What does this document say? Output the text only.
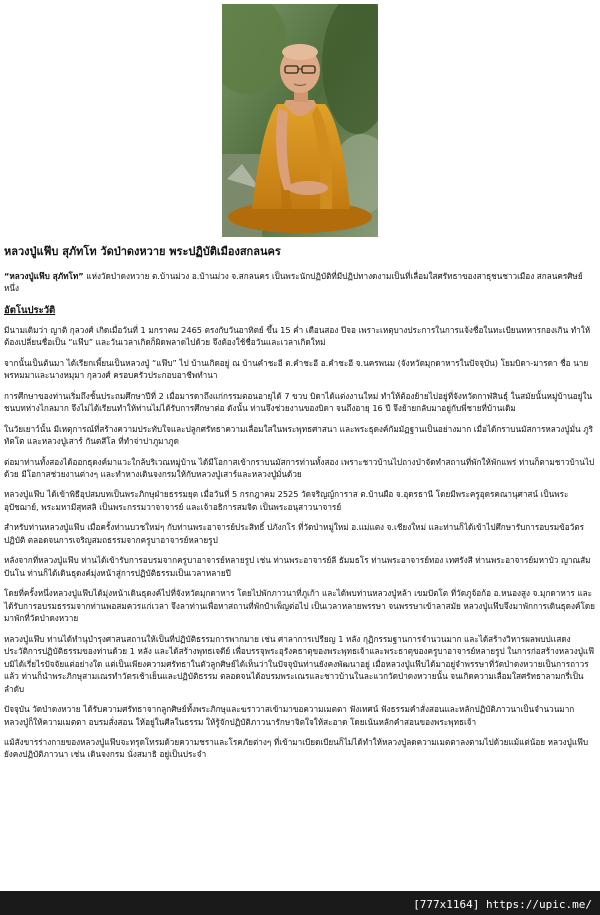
หลวงปู่แฟ๊บ สุภัทโท วัดป่าดงหวาย พระปฏิบัติเมืองสกลนคร

“หลวงปู่แฟ๊บ สุภัทโท” แห่งวัดป่าดงหวาย ต.บ้านม่วง อ.บ้านม่วง จ.สกลนคร เป็นพระนักปฏิบัติที่มีปฏิปทางดงามเป็นที่เลื่อมใสศรัทธาของสาธุชนชาวเมือง สกลนครศิษย์หนึ่ง

อัตโนประวัติ

มีนามเดิมว่า ญาติ กุลวงศ์ เกิดเมื่อวันที่ 1 มกราคม 2465 ตรงกับวันอาทิตย์ ขึ้น 15 ค่ำ เดือนสอง ปีจอ เพราะเหตุบางประการในการแจ้งชื่อในทะเบียนทหารกองเกิน ทำให้ต้องเปลี่ยนชื่อเป็น “แฟ๊บ” และวันเวลาเกิดก็ผิดพลาดไปด้วย จึงต้องใช้ชื่อวันและเวลาเกิดใหม่

จากนั้นเป็นต้นมา ได้เรียกเพี้ยนเป็นหลวงปู่ “แฟ๊บ” ไป บ้านเกิดอยู่ ณ บ้านคำชะอี ต.คำชะอี อ.คำชะอี จ.นครพนม (จังหวัดมุกดาหารในปัจจุบัน) โยมบิดา-มารดา ชื่อ นายพรหมมาและนางหมุมา กุลวงศ์ ครอบครัวประกอบอาชีพทำนา

การศึกษาของท่านเริ่มถึงชั้นประถมศึกษาปีที่ 2 เมื่อมารดาถึงแก่กรรมตอนอายุได้ 7 ขวบ บิดาได้แต่งงานใหม่ ทำให้ต้องย้ายไปอยู่ที่จังหวัดกาฬสินธุ์ ในสมัยนั้นหมู่บ้านอยู่ในชนบทห่างไกลมาก จึงไม่ได้เรียนทำให้ท่านไม่ได้รับการศึกษาต่อ ดังนั้น ท่านจึงช่วยงานของบิดา จนถึงอายุ 16 ปี จึงย้ายกลับมาอยู่กับพี่ชายที่บ้านเดิม

ในวัยเยาว์นั้น มีเหตุการณ์ที่สร้างความประทับใจและปลูกศรัทธาความเลื่อมใสในพระพุทธศาสนา และพระธุดงค์กัมมัฏฐานเป็นอย่างมาก เมื่อได้กราบนมัสการหลวงปู่มั่น ภูริทัตโต และหลวงปู่เสาร์ กันตสีโล ที่ทำจ่าปาภูมาภูด

ต่อมาท่านทั้งสองได้ออกธุดงค์มาแวะใกล้บริเวณหมู่บ้าน ได้มีโอกาสเข้ากราบนมัสการท่านทั้งสอง เพราะชาวบ้านไปถางป่าจัดทำสถานที่พักให้พักแพร่ ท่านก็ตามชาวบ้านไปด้วย มีโอกาสช่วยงานต่างๆ และทำหางเดินจงกรมให้กับหลวงปู่เสาร์และหลวงปู่มั่นด้วย

หลวงปู่แฟ๊บ ได้เข้าพิธีอุปสมบทเป็นพระภิกษุฝ่ายธรรมยุต เมื่อวันที่ 5 กรกฎาคม 2525 วัดจริญญ์การาส ต.บ้านผือ จ.อุดรธานี โดยมีพระครูอุดรคณานุศาสน์ เป็นพระอุปัชฌาย์, พระมหามีสุทสลิ เป็นพระกรรมวาจาจารย์ และเจ้าอธิการสมจิต เป็นพระอนุสาวนาจารย์

สำหรับท่านหลวงปู่แฟ๊บ เมื่อครั้งท่านบวชใหม่ๆ กับท่านพระอาจารย์ประสิทธิ์ ปภังกโร ที่วัดป่าหมู่ใหม่ อ.แม่แตง จ.เชียงใหม่ และท่านก็ได้เข้าไปศึกษารับการอบรมข้อวัตรปฏิบัติ ตลอดจนการเจริญสมถธรรมจากครูบาอาจารย์หลายรูป

หลังจากที่หลวงปู่แฟ๊บ ท่านได้เข้ารับการอบรมจากครูบาอาจารย์หลายรูป เช่น ท่านพระอาจารย์ลี ธัมมธโร ท่านพระอาจารย์ทอง เทศรังสี ท่านพระอาจารย์มหาบัว ญาณสัมปันโน ท่านก็ได้เดินธุดงค์มุ่งหน้าสู่การปฏิบัติธรรมเป็นเวลาหลายปี

โดยที่ครั้งหนึ่งหลวงปู่แฟ๊บได้มุ่งหน้าเดินธุดงค์ไปที่จังหวัดมุกดาหาร โดยไปพักภาวนาที่ภูเก้า และได้พบท่านหลวงปู่หล้า เขมปัตโต ที่วัดภูจ้อก้อ อ.หนองสูง จ.มุกดาหาร และได้รับการอบรมธรรมจากท่านพอสมควรแก่เวลา จึงลาท่านเพื่อหาสถานที่พักปำเพ็ญต่อไป เป็นเวลาหลายพรรษา จนพรรษาเข้าลาสมัย หลวงปู่แฟ๊บจึงมาพักการเดินธุดงค์โดยมาพักที่วัดป่าดงหวาย

หลวงปู่แฟ๊บ ท่านได้ทำนุบำรุงศาสนสถานให้เป็นที่ปฏิบัติธรรมการพากมาย เช่น ศาลาการเปรียญ 1 หลัง กุฏิกรรมฐานการจำนวนมาก และได้สร้างวิหารผลพบปเเสดงประวัติการปฏิบัติธรรมของท่านด้วย 1 หลัง และได้สร้างพุทธเจดีย์ เพื่อบรรจุพระอุรังคธาตุของพระพุทธเจ้าและพระธาตุของครูบาอาจารย์หลายรูป ในการก่อสร้างหลวงปู่แฟ๊บมิได้เรี่ยไรปัจจัยแต่อย่างใด แต่เป็นเพียงความศรัทธาในตัวลูกศิษย์ได้เห็นว่าในปัจจุบันท่านยังคงพัฒนาอยู่ เมื่อหลวงปู่แฟ๊บได้มาอยู่จำพรรษาที่วัดป่าดงหวายเป็นการถาวรแล้ว ท่านก็นำพระภิกษุสามเณรทำวัตรเช้าเย็นและปฏิบัติธรรม ตลอดจนได้อบรมพระเณรและชาวบ้านในละแวกวัดป่าดงหวายนั้น จนเกิดความเลื่อมใสศรัทธาลามกรี่เป็นลำดับ

ปัจจุบัน วัดป่าดงหวาย ได้รับความศรัทธาจากลูกศิษย์ทั้งพระภิกษุและฆราวาสเข้ามาขอความเมตตา ฟังเทศน์ ฟังธรรมคำสั่งสอนและหลักปฏิบัติภาวนาเป็นจำนวนมาก หลวงปู่ก็ให้ความเมตตา อบรมสั่งสอน ให้อยู่ในศีลในธรรม ให้รู้จักปฏิบัติภาวนารักษาจิตใจให้สะอาด โดยเน้นหลักคำสอนของพระพุทธเจ้า

แม้สังขารร่างกายของหลวงปู่แฟ๊บจะทรุดโทรมด้วยความชราและโรคภัยต่างๆ ที่เข้ามาเบียดเบียนก็ไม่ได้ทำให้หลวงปู่ลดความเมตตาลงตามไปด้วยแม้แต่น้อย หลวงปู่แฟ๊บยังคงปฏิบัติภาวนา เช่น เดินจงกรม นั่งสมาธิ อยู่เป็นประจำ

[777x1164] https://upic.me/
